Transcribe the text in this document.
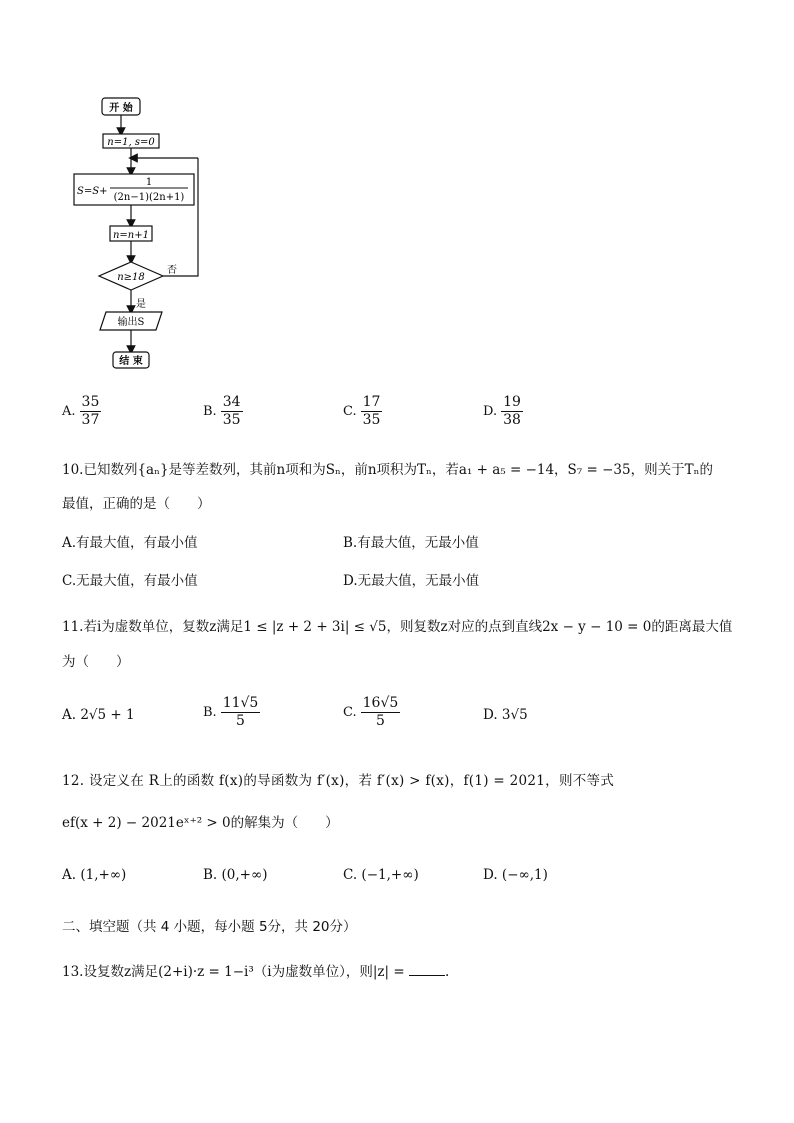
开 始
n=1, s=0
S=S+
1
(2n−1)(2n+1)
n=n+1
n≥18
否
是
输出S
结 束
A. $\frac{35}{37}$	B. $\frac{34}{35}$	C. $\frac{17}{35}$	D. $\frac{19}{38}$
10.已知数列{aₙ}是等差数列，其前n项和为Sₙ，前n项积为Tₙ，若a₁ + a₅ = −14，S₇ = −35，则关于Tₙ的
最值，正确的是（　　）
A.有最大值，有最小值	B.有最大值，无最小值
C.无最大值，有最小值	D.无最大值，无最小值
11.若i为虚数单位，复数z满足1 ≤ |z + 2 + 3i| ≤ √5，则复数z对应的点到直线2x − y − 10 = 0的距离最大值
为（　　）
A. 2√5 + 1	B. $\frac{11√5}{5}$	C. $\frac{16√5}{5}$	D. 3√5
12. 设定义在 R上的函数 f(x)的导函数为 f′(x)，若 f′(x) > f(x)，f(1) = 2021，则不等式
ef(x + 2) − 2021eˣ⁺² > 0的解集为（　　）
A. (1,+∞)	B. (0,+∞)	C. (−1,+∞)	D. (−∞,1)
二、填空题（共 4 小题，每小题 5分，共 20分）
13.设复数z满足(2+i)·z = 1−i³（i为虚数单位），则|z| =	.
